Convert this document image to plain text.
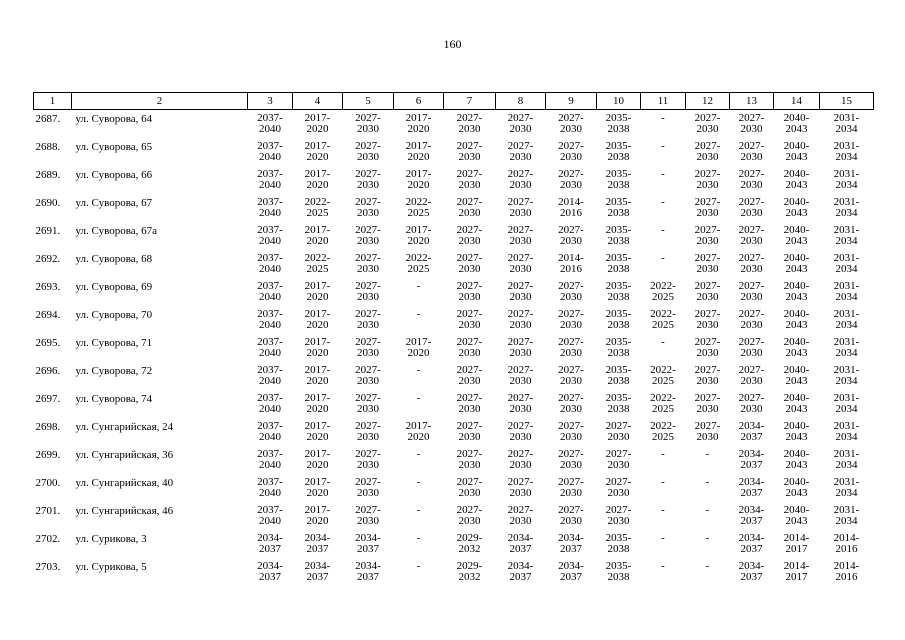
160
1	2	3	4	5	6	7	8	9	10	11	12	13	14	15
2687.	ул. Суворова, 64	2037-
2040	2017-
2020	2027-
2030	2017-
2020	2027-
2030	2027-
2030	2027-
2030	2035-
2038	-	2027-
2030	2027-
2030	2040-
2043	2031-
2034

2688.	ул. Суворова, 65	2037-
2040	2017-
2020	2027-
2030	2017-
2020	2027-
2030	2027-
2030	2027-
2030	2035-
2038	-	2027-
2030	2027-
2030	2040-
2043	2031-
2034

2689.	ул. Суворова, 66	2037-
2040	2017-
2020	2027-
2030	2017-
2020	2027-
2030	2027-
2030	2027-
2030	2035-
2038	-	2027-
2030	2027-
2030	2040-
2043	2031-
2034

2690.	ул. Суворова, 67	2037-
2040	2022-
2025	2027-
2030	2022-
2025	2027-
2030	2027-
2030	2014-
2016	2035-
2038	-	2027-
2030	2027-
2030	2040-
2043	2031-
2034

2691.	ул. Суворова, 67а	2037-
2040	2017-
2020	2027-
2030	2017-
2020	2027-
2030	2027-
2030	2027-
2030	2035-
2038	-	2027-
2030	2027-
2030	2040-
2043	2031-
2034

2692.	ул. Суворова, 68	2037-
2040	2022-
2025	2027-
2030	2022-
2025	2027-
2030	2027-
2030	2014-
2016	2035-
2038	-	2027-
2030	2027-
2030	2040-
2043	2031-
2034

2693.	ул. Суворова, 69	2037-
2040	2017-
2020	2027-
2030	-	2027-
2030	2027-
2030	2027-
2030	2035-
2038	2022-
2025	2027-
2030	2027-
2030	2040-
2043	2031-
2034

2694.	ул. Суворова, 70	2037-
2040	2017-
2020	2027-
2030	-	2027-
2030	2027-
2030	2027-
2030	2035-
2038	2022-
2025	2027-
2030	2027-
2030	2040-
2043	2031-
2034

2695.	ул. Суворова, 71	2037-
2040	2017-
2020	2027-
2030	2017-
2020	2027-
2030	2027-
2030	2027-
2030	2035-
2038	-	2027-
2030	2027-
2030	2040-
2043	2031-
2034

2696.	ул. Суворова, 72	2037-
2040	2017-
2020	2027-
2030	-	2027-
2030	2027-
2030	2027-
2030	2035-
2038	2022-
2025	2027-
2030	2027-
2030	2040-
2043	2031-
2034

2697.	ул. Суворова, 74	2037-
2040	2017-
2020	2027-
2030	-	2027-
2030	2027-
2030	2027-
2030	2035-
2038	2022-
2025	2027-
2030	2027-
2030	2040-
2043	2031-
2034

2698.	ул. Сунгарийская, 24	2037-
2040	2017-
2020	2027-
2030	2017-
2020	2027-
2030	2027-
2030	2027-
2030	2027-
2030	2022-
2025	2027-
2030	2034-
2037	2040-
2043	2031-
2034

2699.	ул. Сунгарийская, 36	2037-
2040	2017-
2020	2027-
2030	-	2027-
2030	2027-
2030	2027-
2030	2027-
2030	-	-	2034-
2037	2040-
2043	2031-
2034

2700.	ул. Сунгарийская, 40	2037-
2040	2017-
2020	2027-
2030	-	2027-
2030	2027-
2030	2027-
2030	2027-
2030	-	-	2034-
2037	2040-
2043	2031-
2034

2701.	ул. Сунгарийская, 46	2037-
2040	2017-
2020	2027-
2030	-	2027-
2030	2027-
2030	2027-
2030	2027-
2030	-	-	2034-
2037	2040-
2043	2031-
2034

2702.	ул. Сурикова, 3	2034-
2037	2034-
2037	2034-
2037	-	2029-
2032	2034-
2037	2034-
2037	2035-
2038	-	-	2034-
2037	2014-
2017	2014-
2016

2703.	ул. Сурикова, 5	2034-
2037	2034-
2037	2034-
2037	-	2029-
2032	2034-
2037	2034-
2037	2035-
2038	-	-	2034-
2037	2014-
2017	2014-
2016
